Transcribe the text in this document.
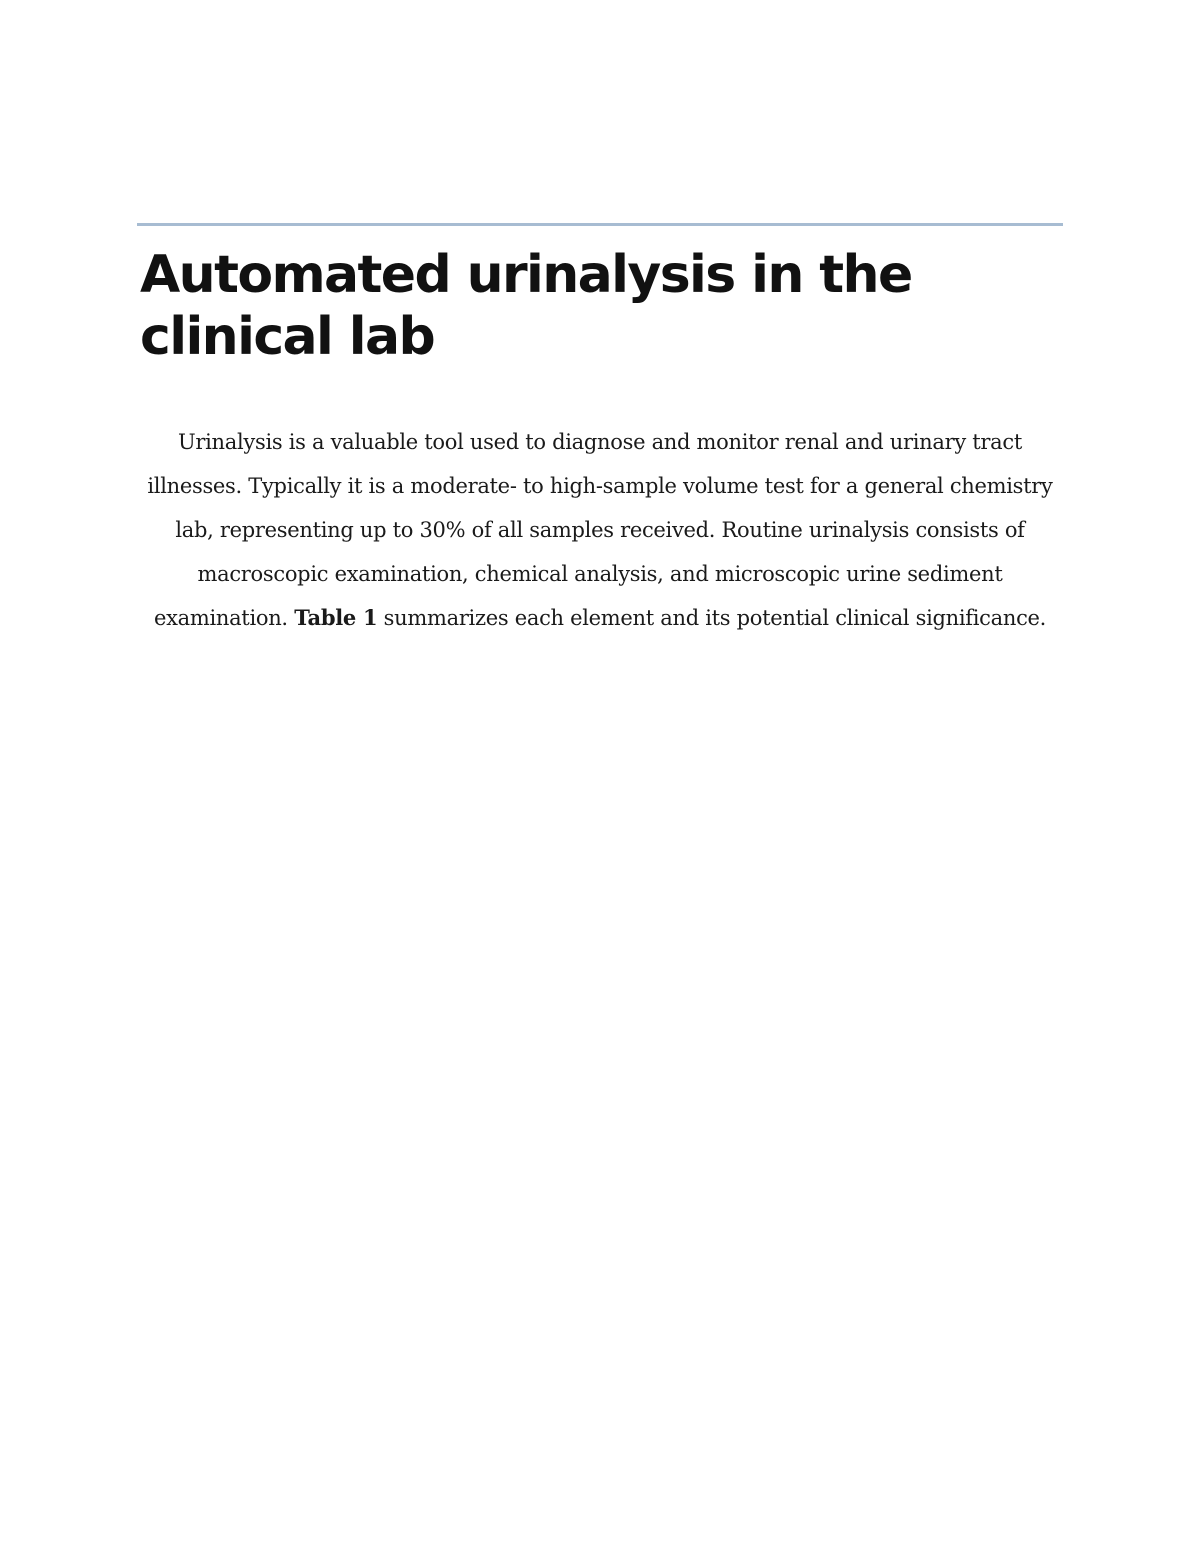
Automated urinalysis in the clinical lab

Urinalysis is a valuable tool used to diagnose and monitor renal and urinary tract illnesses. Typically it is a moderate- to high-sample volume test for a general chemistry lab, representing up to 30% of all samples received. Routine urinalysis consists of macroscopic examination, chemical analysis, and microscopic urine sediment examination. Table 1 summarizes each element and its potential clinical significance.
